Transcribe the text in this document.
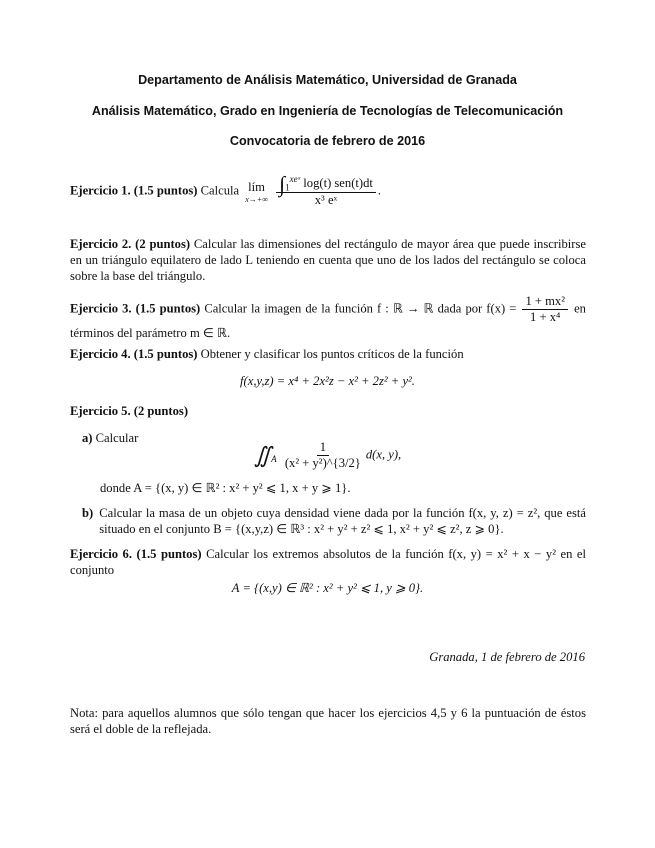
Departamento de Análisis Matemático, Universidad de Granada
Análisis Matemático, Grado en Ingeniería de Tecnologías de Telecomunicación
Convocatoria de febrero de 2016
Ejercicio 1. (1.5 puntos) Calcula lím
x→+∞
$\frac{\int_1^{xeˣ} \log(t) sen(t)dt}{\text{x³ eˣ}}$ .
Ejercicio 2. (2 puntos) Calcular las dimensiones del rectángulo de mayor área que puede inscribirse en un triángulo equilatero de lado L teniendo en cuenta que uno de los lados del rectángulo se coloca sobre la base del triángulo.
Ejercicio 3. (1.5 puntos) Calcular la imagen de la función f : ℝ → ℝ dada por $f(x) = \frac{\text{1 + mx²}}{\text{1 + x⁴}}$ en términos del parámetro m ∈ ℝ.
Ejercicio 4. (1.5 puntos) Obtener y clasificar los puntos críticos de la función
f(x,y,z) = x⁴ + 2x²z − x² + 2z² + y².
Ejercicio 5. (2 puntos)
a) Calcular
$∬_A \frac{1}{\text{(x² + y²)\textasciicircum{}\{3/2\}}} d(x$, y),
donde A = {(x, y) ∈ ℝ² : x² + y² ⩽ 1, x + y ⩾ 1}.
b) Calcular la masa de un objeto cuya densidad viene dada por la función f(x, y, z) = z², que está situado en el conjunto B = {(x,y,z) ∈ ℝ³ : x² + y² + z² ⩽ 1, x² + y² ⩽ z², z ⩾ 0}.
Ejercicio 6. (1.5 puntos) Calcular los extremos absolutos de la función f(x, y) = x² + x − y² en el conjunto
A = {(x,y) ∈ ℝ² : x² + y² ⩽ 1, y ⩾ 0}.
Granada, 1 de febrero de 2016
Nota: para aquellos alumnos que sólo tengan que hacer los ejercicios 4,5 y 6 la puntuación de éstos será el doble de la reflejada.
